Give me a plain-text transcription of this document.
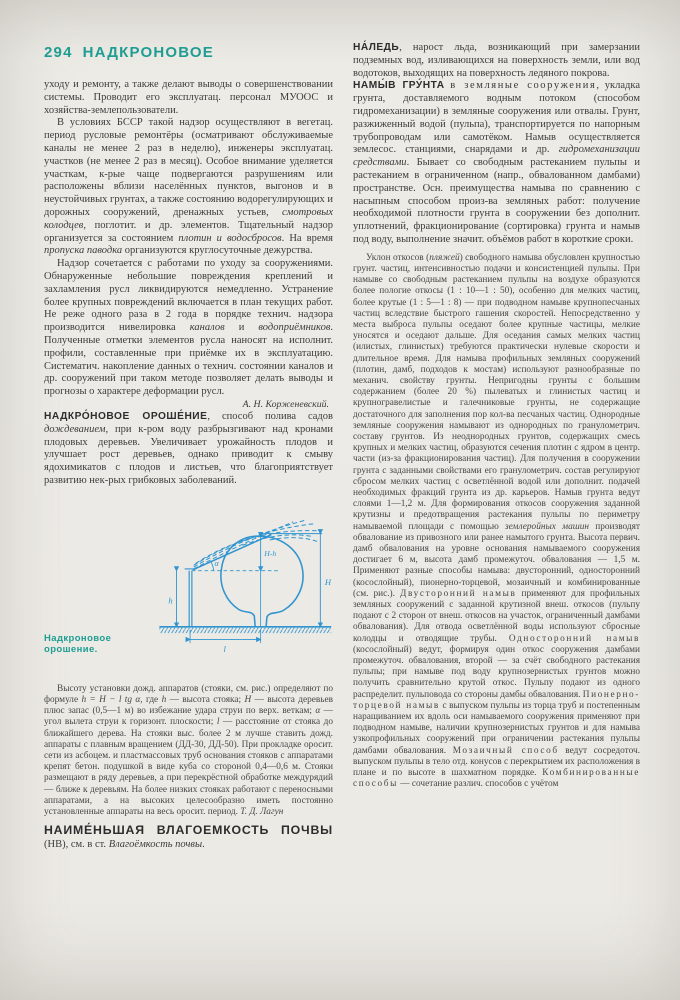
294 НАДКРОНОВОЕ

уходу и ремонту, а также делают выводы о совершенствовании системы. Проводит его эксплуатац. персонал МУООС и хозяйства-землепользователи.

В условиях БССР такой надзор осуществляют в вегетац. период русловые ремонтёры (осматривают обслуживаемые каналы не менее 2 раз в неделю), инженеры эксплуатац. участков (не менее 2 раз в месяц). Особое внимание уделяется участкам, к-рые чаще подвергаются разрушениям или расположены вблизи населённых пунктов, выгонов и в неустойчивых грунтах, а также состоянию водорегулирующих и дорожных сооружений, дренажных устьев, смотровых колодцев, поглотит. и др. элементов. Тщательный надзор организуется за состоянием плотин и водосбросов. На время пропуска паводка организуются круглосуточные дежурства.

Надзор сочетается с работами по уходу за сооружениями. Обнаруженные небольшие повреждения креплений и захламления русл ликвидируются немедленно. Устранение более крупных повреждений включается в план текущих работ. Не реже одного раза в 2 года в порядке технич. надзора производится нивелировка каналов и водоприёмников. Полученные отметки элементов русла наносят на исполнит. профили, составленные при приёмке их в эксплуатацию. Систематич. накопление данных о технич. состоянии каналов и др. сооружений при таком методе позволяет делать выводы и прогнозы о характере деформации русл.

А. Н. Корженевский.

НАДКРО́НОВОЕ ОРОШЕ́НИЕ, способ полива садов дождеванием, при к-ром воду разбрызгивают над кронами плодовых деревьев. Увеличивает урожайность плодов и улучшает рост деревьев, однако приводит к смыву ядохимикатов с плодов и листьев, что благоприятствует развитию нек-рых грибковых заболеваний.

Надкроновое орошение.
α
H-h
H
h
l

Высоту установки дожд. аппаратов (стояки, см. рис.) определяют по формуле h = H − l tg α, где h — высота стояка; H — высота деревьев плюс запас (0,5—1 м) во избежание удара струи по верх. веткам; α — угол вылета струи к горизонт. плоскости; l — расстояние от стояка до ближайшего дерева. На стояки выс. более 2 м лучше ставить дожд. аппараты с плавным вращением (ДД-30, ДД-50). При прокладке оросит. сети из асбоцем. и пластмассовых труб основания стояков с аппаратами крепят бетон. подушкой в виде куба со стороной 0,4—0,6 м. Стояки размещают в ряду деревьев, а при перекрёстной обработке междурядий — ближе к деревьям. На более низких стояках работают с переносными аппаратами, а на высоких целесообразно иметь постоянно установленные аппараты на весь оросит. период. Т. Д. Лагун

НАИМЕ́НЬШАЯ ВЛАГОЕМКОСТЬ ПОЧВЫ (НВ), см. в ст. Влагоёмкость почвы.

НА́ЛЕДЬ, нарост льда, возникающий при замерзании подземных вод, изливающихся на поверхность земли, или вод водотоков, выходящих на поверхность ледяного покрова.

НАМЫ́В ГРУ́НТА в земляные сооружения, укладка грунта, доставляемого водным потоком (способом гидромеханизации) в земляные сооружения или отвалы. Грунт, разжиженный водой (пульпа), транспортируется по напорным трубопроводам или самотёком. Намыв осуществляется землесос. станциями, снарядами и др. гидромеханизации средствами. Бывает со свободным растеканием пульпы и растеканием в ограниченном (напр., обвалованном дамбами) пространстве. Осн. преимущества намыва по сравнению с насыпным способом произ-ва земляных работ: получение необходимой плотности грунта в сооружении без дополнит. уплотнений, фракционирование (сортировка) грунта и намыв под воду, выполнение значит. объёмов работ в короткие сроки.

Уклон откосов (пляжей) свободного намыва обусловлен крупностью грунт. частиц, интенсивностью подачи и консистенцией пульпы. При намыве со свободным растеканием пульпы на воздухе образуются более пологие откосы (1 : 10—1 : 50), особенно для мелких частиц, более крутые (1 : 5—1 : 8) — при подводном намыве крупнопесчаных частиц вследствие быстрого гашения скоростей. Непосредственно у места выброса пульпы оседают более крупные частицы, мелкие уносятся и оседают дальше. Для оседания самых мелких частиц (илистых, глинистых) требуются практически нулевые скорости и длительное время. Для намыва профильных земляных сооружений (плотин, дамб, подходов к мостам) используют разнообразные по механич. свойству грунты. Непригодны грунты с большим содержанием (более 20 %) пылеватых и глинистых частиц и крупногравелистые и галечниковые грунты, не содержащие достаточного для заполнения пор кол-ва песчаных частиц. Однородные земляные сооружения намывают из однородных по гранулометрич. составу грунтов. Из неоднородных грунтов, содержащих смесь крупных и мелких частиц, образуются сечения плотин с ядром в центр. части (из-за фракционирования частиц). Для получения в сооружении грунта с заданными свойствами его гранулометрич. состав регулируют сбросом мелких частиц с осветлённой водой или дополнит. подачей необходимых фракций грунта из др. карьеров. Намыв грунта ведут слоями 1—1,2 м. Для формирования откосов сооружения заданной крутизны и предотвращения растекания пульпы по периметру намываемой площади с помощью землеройных машин производят обвалование из привозного или ранее намытого грунта. Высота первич. дамб обвалования на уровне основания намываемого сооружения достигает 6 м, высота дамб промежуточ. обвалования — 1,5 м. Применяют разные способы намыва: двусторонний, односторонний (косослойный), пионерно-торцевой, мозаичный и комбинированные (см. рис.). Двусторонний намыв применяют для профильных земляных сооружений с заданной крутизной внеш. откосов (пульпу подают с 2 сторон от внеш. откосов на участок, ограниченный дамбами обвалования). Для отвода осветлённой воды используют сбросные колодцы и отводящие трубы. Односторонний намыв (косослойный) ведут, формируя один откос сооружения дамбами промежуточ. обвалования, второй — за счёт свободного растекания пульпы; при намыве под воду крупнозернистых грунтов можно получить сравнительно крутой откос. Пульпу подают из одного распределит. пульповода со стороны дамбы обвалования. Пионерно-торцевой намыв с выпуском пульпы из торца труб и постепенным наращиванием их вдоль оси намываемого сооружения применяют при подводном намыве, наличии крупнозернистых грунтов и для намыва узкопрофильных сооружений при ограничении растекания пульпы дамбами обвалования. Мозаичный способ ведут сосредоточ. выпуском пульпы в тело отд. конусов с перекрытием их расположения в плане и по высоте в шахматном порядке. Комбинированные способы — сочетание различ. способов с учётом
